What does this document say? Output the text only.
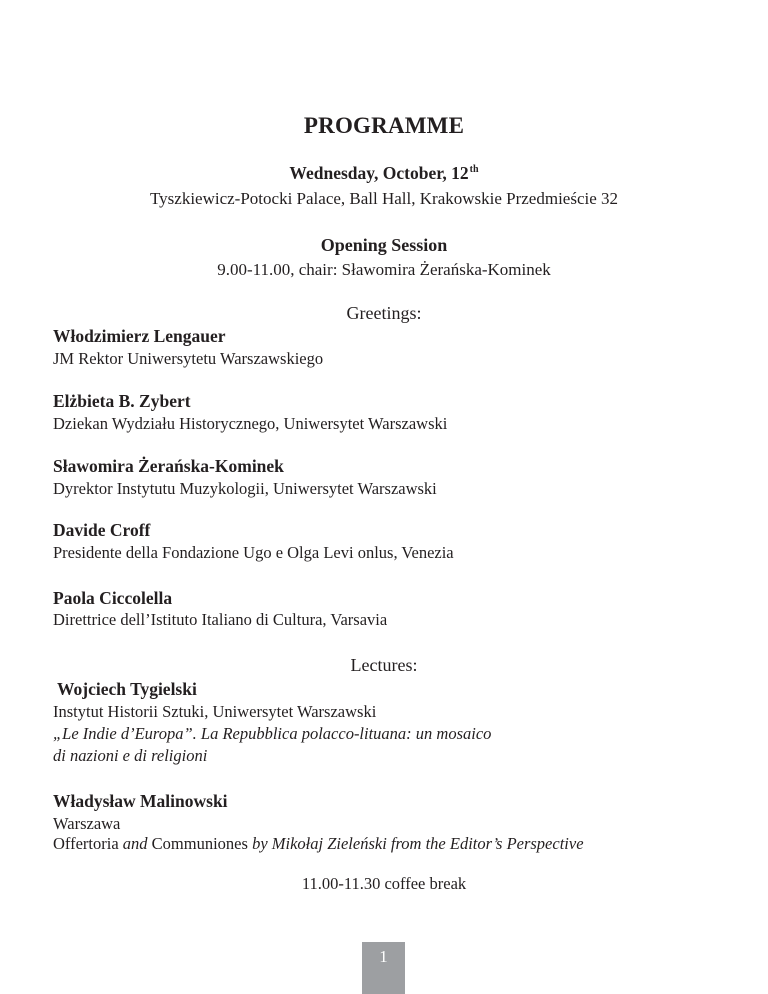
PROGRAMME
Wednesday, October, 12th
Tyszkiewicz-Potocki Palace, Ball Hall, Krakowskie Przedmieście 32
Opening Session
9.00-11.00, chair: Sławomira Żerańska-Kominek
Greetings:
Włodzimierz Lengauer
JM Rektor Uniwersytetu Warszawskiego
Elżbieta B. Zybert
Dziekan Wydziału Historycznego, Uniwersytet Warszawski
Sławomira Żerańska-Kominek
Dyrektor Instytutu Muzykologii, Uniwersytet Warszawski
Davide Croff
Presidente della Fondazione Ugo e Olga Levi onlus, Venezia
Paola Ciccolella
Direttrice dell’Istituto Italiano di Cultura, Varsavia
Lectures:
Wojciech Tygielski
Instytut Historii Sztuki, Uniwersytet Warszawski
„Le Indie d’Europa”. La Repubblica polacco-lituana: un mosaico
di nazioni e di religioni
Władysław Malinowski
Warszawa
Offertoria and Communiones by Mikołaj Zieleński from the Editor’s Perspective
11.00-11.30 coffee break
1
